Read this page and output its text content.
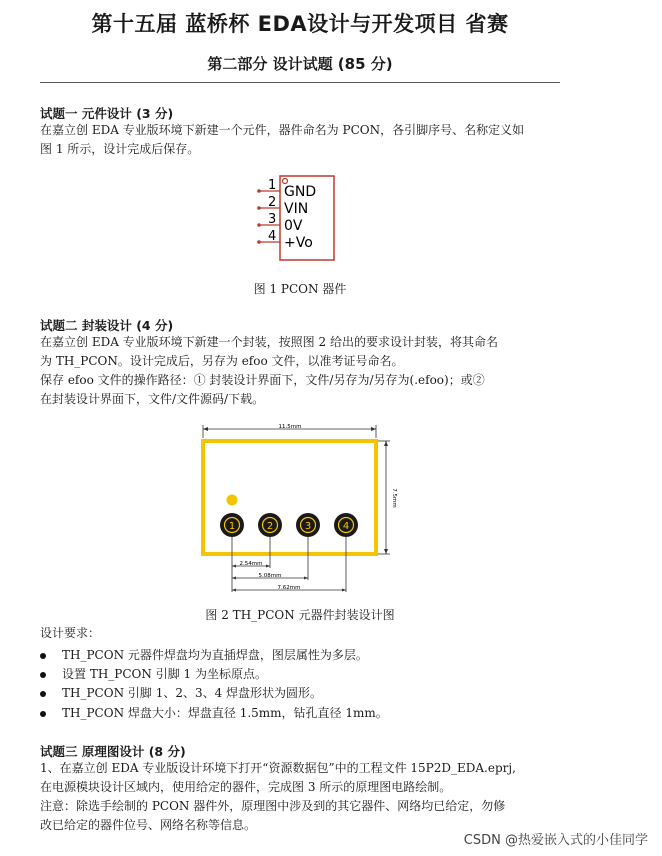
第十五届 蓝桥杯 EDA设计与开发项目 省赛
第二部分 设计试题 (85 分)
试题一 元件设计 (3 分)
在嘉立创 EDA 专业版环境下新建一个元件，器件命名为 PCON，各引脚序号、名称定义如
图 1 所示，设计完成后保存。
1 GND
2 VIN
3 0V
4 +Vo
图 1 PCON 器件
试题二 封装设计 (4 分)
在嘉立创 EDA 专业版环境下新建一个封装，按照图 2 给出的要求设计封装，将其命名
为 TH_PCON。设计完成后，另存为 efoo 文件，以准考证号命名。
保存 efoo 文件的操作路径：① 封装设计界面下，文件/另存为/另存为(.efoo)；或②
在封装设计界面下，文件/文件源码/下载。
11.5mm
7.5mm
1	2	3	4
2.54mm
5.08mm
7.62mm
图 2 TH_PCON 元器件封装设计图
设计要求：
TH_PCON 元器件焊盘均为直插焊盘，图层属性为多层。
设置 TH_PCON 引脚 1 为坐标原点。
TH_PCON 引脚 1、2、3、4 焊盘形状为圆形。
TH_PCON 焊盘大小：焊盘直径 1.5mm，钻孔直径 1mm。
试题三 原理图设计 (8 分)
1、在嘉立创 EDA 专业版设计环境下打开“资源数据包”中的工程文件 15P2D_EDA.eprj,
在电源模块设计区域内，使用给定的器件，完成图 3 所示的原理图电路绘制。
注意：除选手绘制的 PCON 器件外，原理图中涉及到的其它器件、网络均已给定，勿修
改已给定的器件位号、网络名称等信息。
CSDN @热爱嵌入式的小佳同学
